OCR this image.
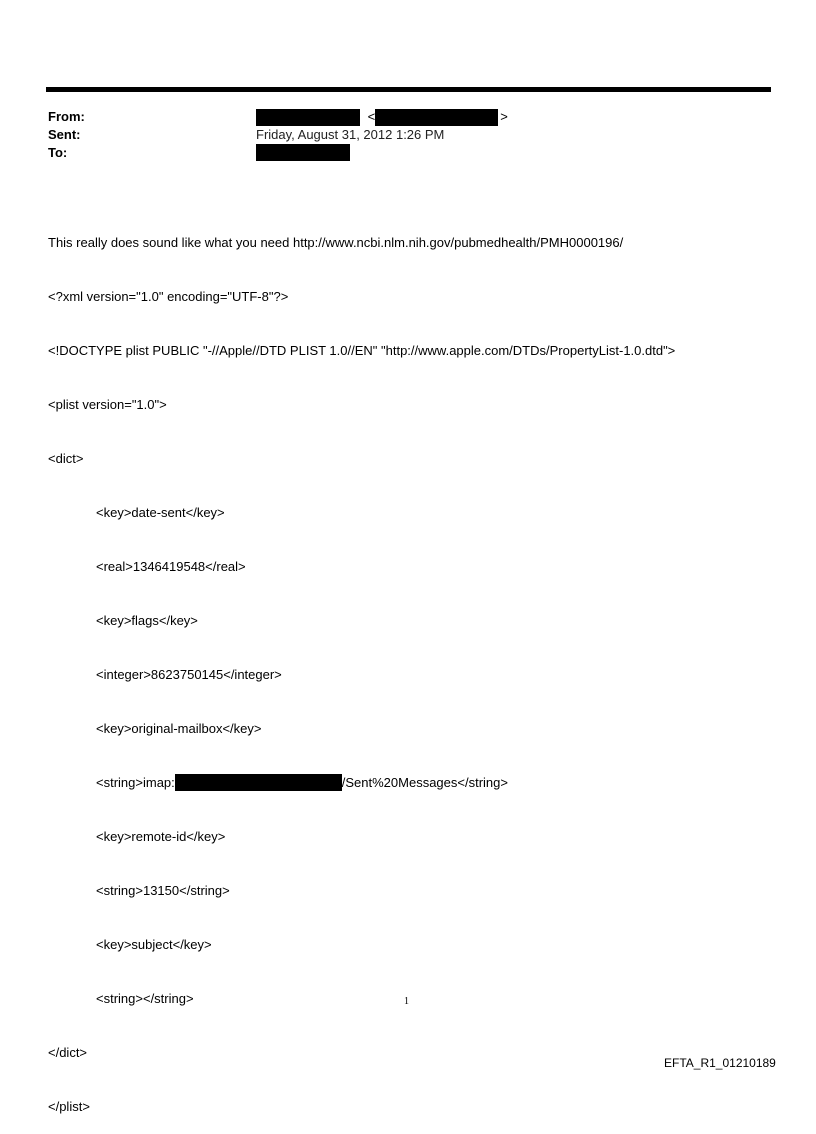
From:	<	>
Sent:	Friday, August 31, 2012 1:26 PM
To:

This really does sound like what you need http://www.ncbi.nlm.nih.gov/pubmedhealth/PMH0000196/

<?xml version="1.0" encoding="UTF-8"?>

<!DOCTYPE plist PUBLIC "-//Apple//DTD PLIST 1.0//EN" "http://www.apple.com/DTDs/PropertyList-1.0.dtd">

<plist version="1.0">

<dict>

<key>date-sent</key>

<real>1346419548</real>

<key>flags</key>

<integer>8623750145</integer>

<key>original-mailbox</key>

<string>imap:	/Sent%20Messages</string>

<key>remote-id</key>

<string>13150</string>

<key>subject</key>

<string></string>

</dict>

</plist>

1
EFTA_R1_01210189
